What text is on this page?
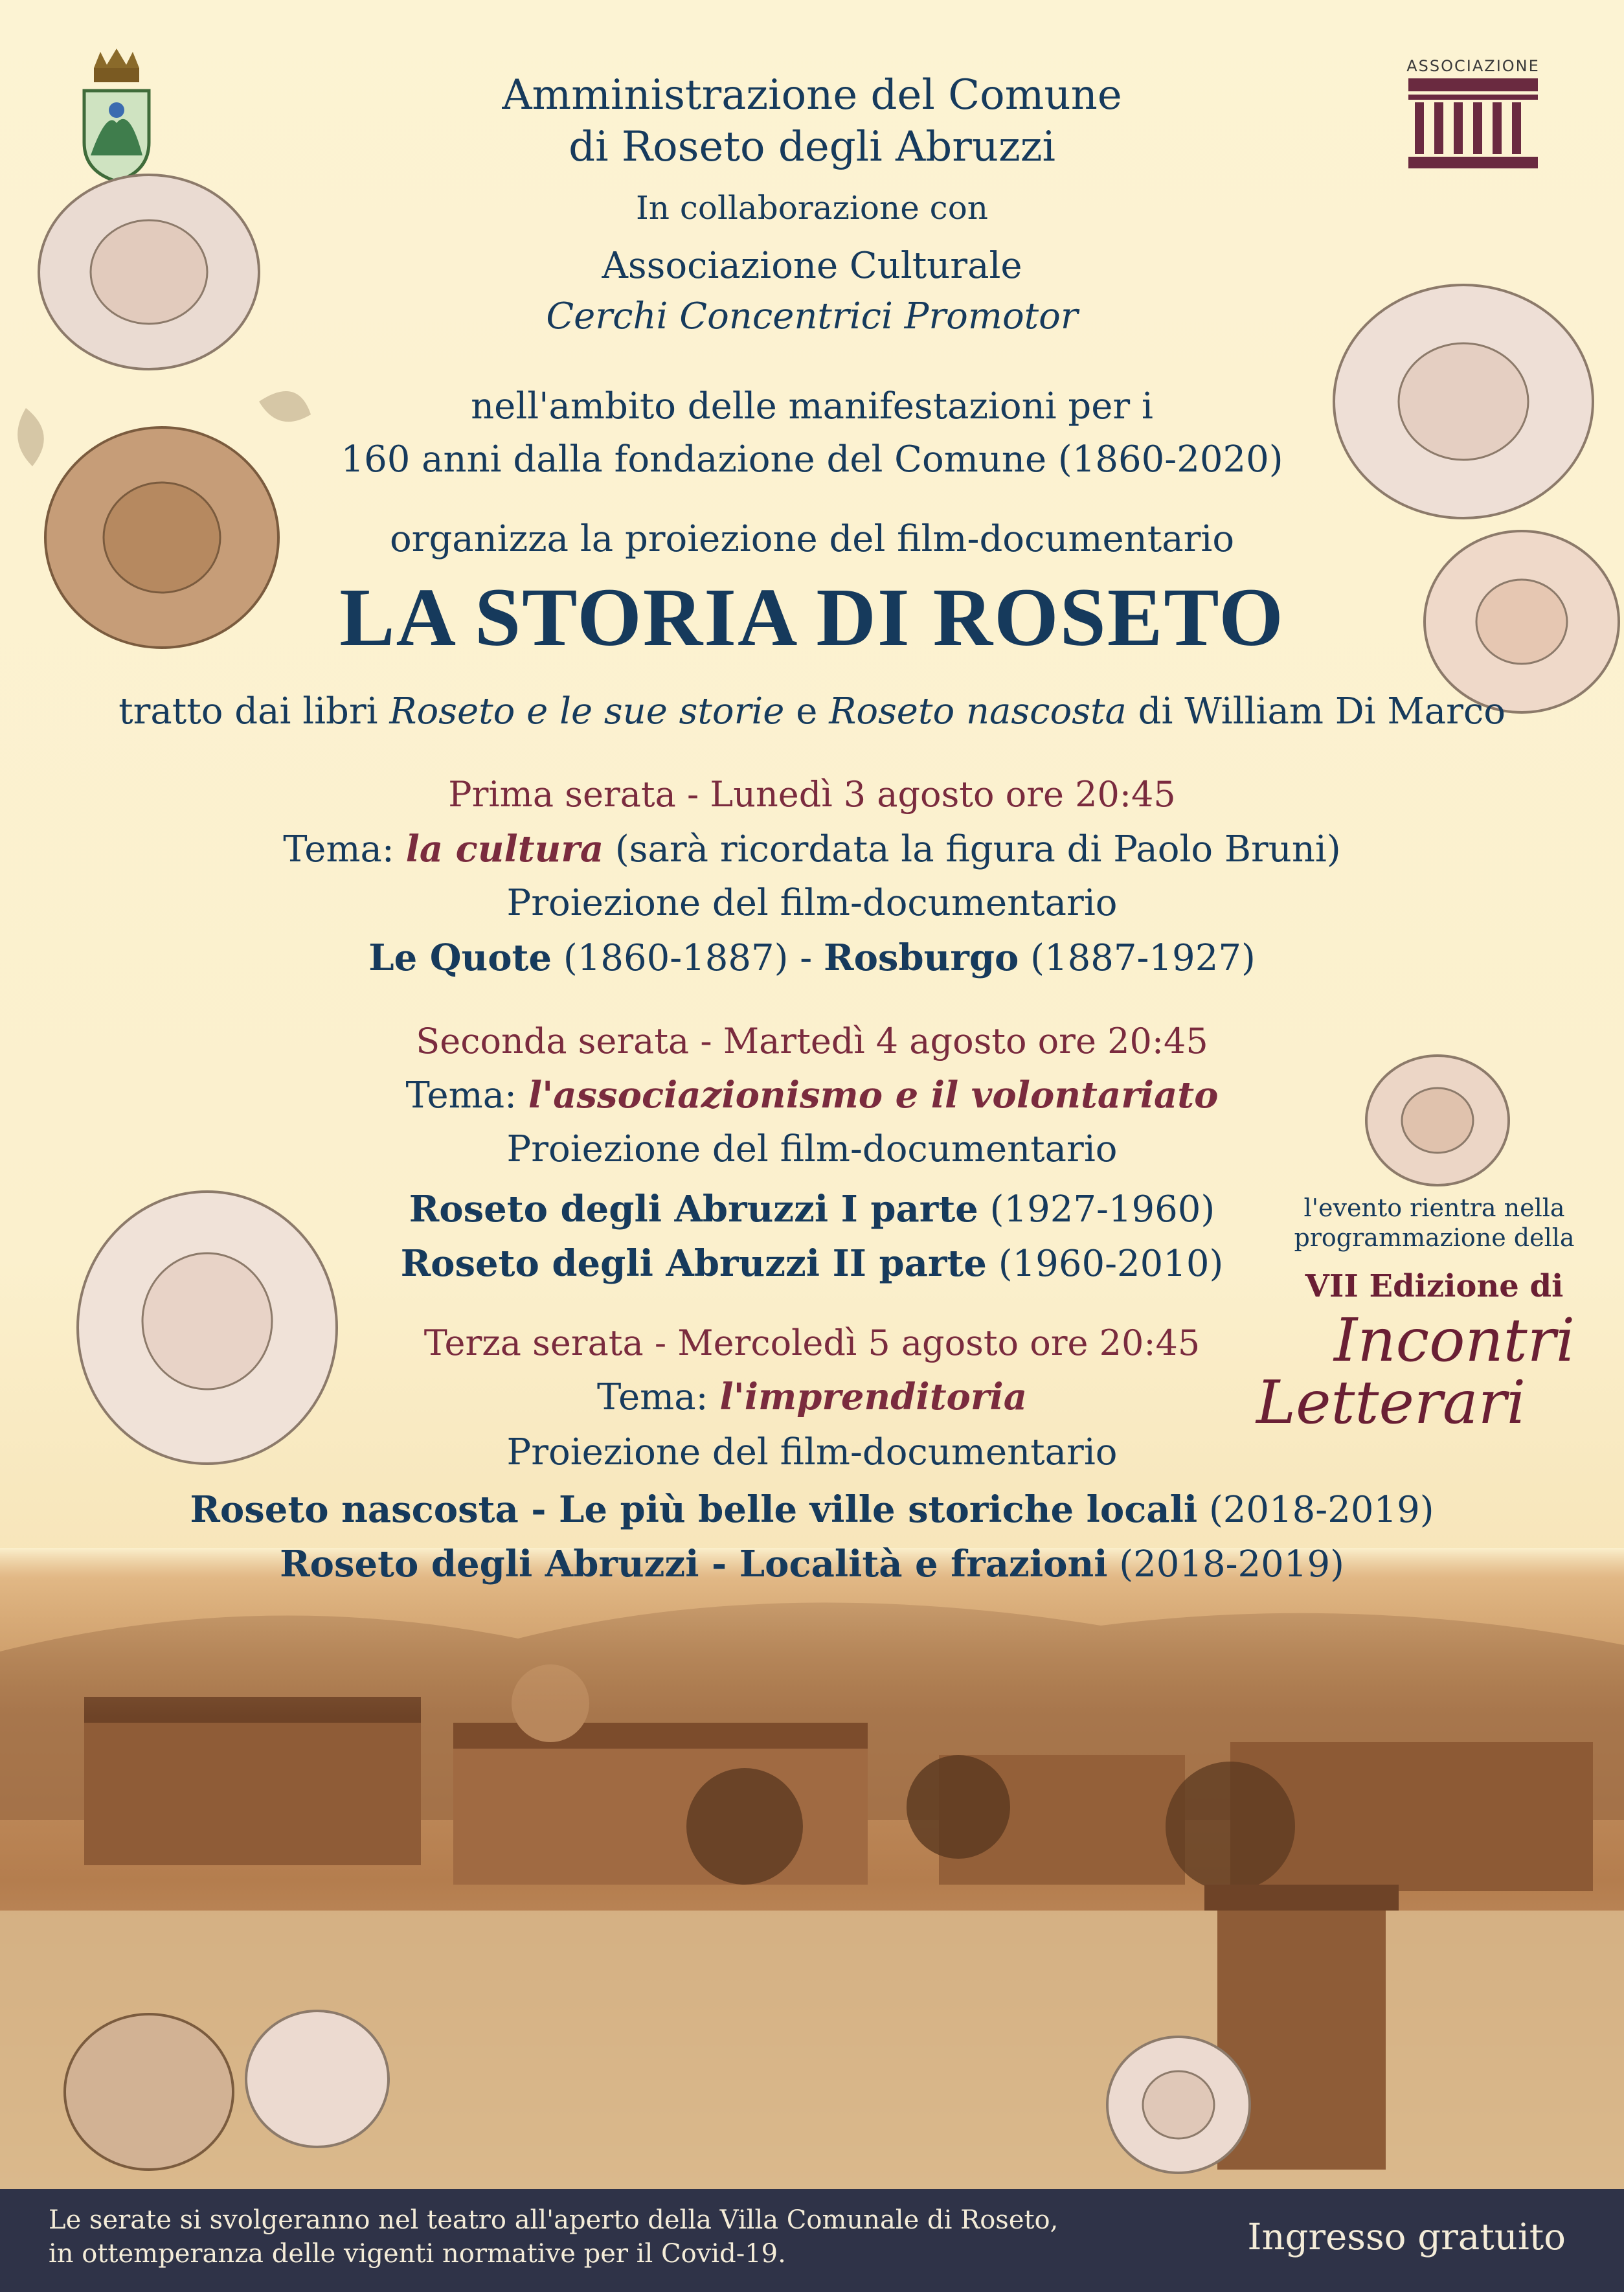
ASSOCIAZIONE
Amministrazione del Comune
di Roseto degli Abruzzi
In collaborazione con
Associazione Culturale
Cerchi Concentrici Promotor
nell'ambito delle manifestazioni per i
160 anni dalla fondazione del Comune (1860-2020)
organizza la proiezione del film-documentario
LA STORIA DI ROSETO
tratto dai libri Roseto e le sue storie e Roseto nascosta di William Di Marco
Prima serata - Lunedì 3 agosto ore 20:45
Tema: la cultura (sarà ricordata la figura di Paolo Bruni)
Proiezione del film-documentario
Le Quote (1860-1887) - Rosburgo (1887-1927)
Seconda serata - Martedì 4 agosto ore 20:45
Tema: l'associazionismo e il volontariato
Proiezione del film-documentario
Roseto degli Abruzzi I parte (1927-1960)
Roseto degli Abruzzi II parte (1960-2010)
Terza serata - Mercoledì 5 agosto ore 20:45
Tema: l'imprenditoria
Proiezione del film-documentario
Roseto nascosta - Le più belle ville storiche locali (2018-2019)
Roseto degli Abruzzi - Località e frazioni (2018-2019)
l'evento rientra nella
programmazione della
VII Edizione di
Incontri
Letterari
Le serate si svolgeranno nel teatro all'aperto della Villa Comunale di Roseto,
in ottemperanza delle vigenti normative per il Covid-19.	Ingresso gratuito
